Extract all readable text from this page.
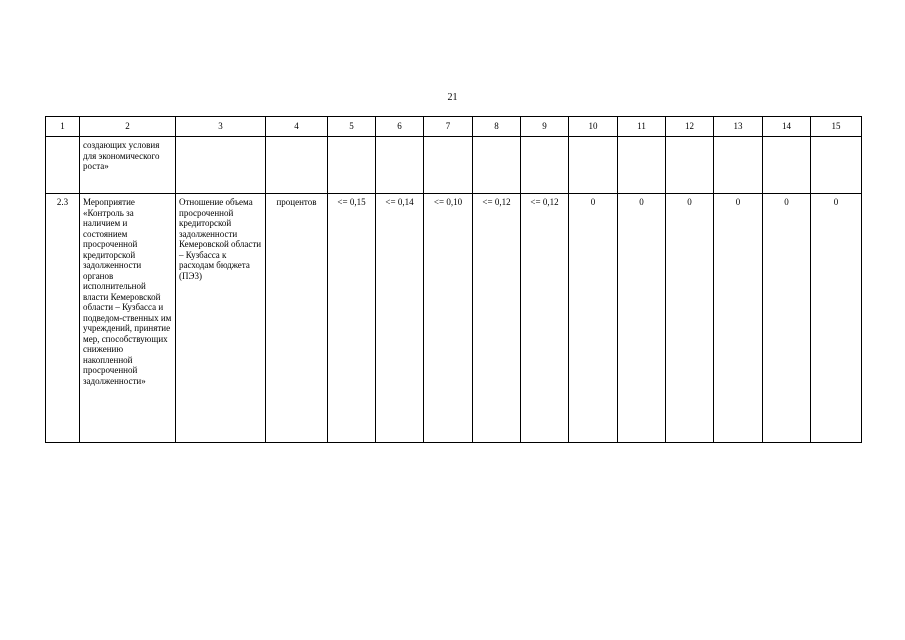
21
1	2	3	4	5	6	7	8	9	10	11	12	13	14	15
	создающих условия для экономического роста»													
2.3	Мероприятие «Контроль за наличием и состоянием просроченной кредиторской задолженности органов исполнительной власти Кемеровской области – Кузбасса и подведом-ственных им учреждений, принятие мер, способствующих снижению накопленной просроченной задолженности»	Отношение объема просроченной кредиторской задолженности Кемеровской области – Кузбасса к расходам бюджета (ПЭ3)	процентов	<= 0,15	<= 0,14	<= 0,10	<= 0,12	<= 0,12	0	0	0	0	0	0
